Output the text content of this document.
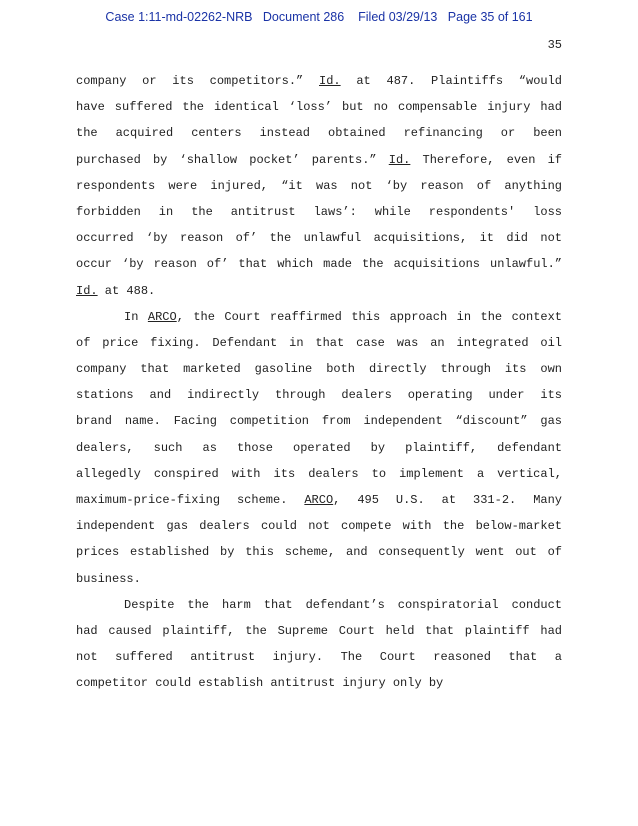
Case 1:11-md-02262-NRB Document 286 Filed 03/29/13 Page 35 of 161
35
company or its competitors.” Id. at 487. Plaintiffs “would
have suffered the identical ‘loss’ but no compensable injury had
the acquired centers instead obtained refinancing or been
purchased by ‘shallow pocket’ parents.” Id. Therefore, even if
respondents were injured, “it was not ‘by reason of anything
forbidden in the antitrust laws’: while respondents' loss
occurred ‘by reason of’ the unlawful acquisitions, it did not
occur ‘by reason of’ that which made the acquisitions unlawful.”
Id. at 488.
In ARCO, the Court reaffirmed this approach in the context
of price fixing. Defendant in that case was an integrated oil
company that marketed gasoline both directly through its own
stations and indirectly through dealers operating under its
brand name. Facing competition from independent “discount” gas
dealers, such as those operated by plaintiff, defendant
allegedly conspired with its dealers to implement a vertical,
maximum-price-fixing scheme. ARCO, 495 U.S. at 331-2. Many
independent gas dealers could not compete with the below-market
prices established by this scheme, and consequently went out of
business.
Despite the harm that defendant’s conspiratorial conduct
had caused plaintiff, the Supreme Court held that plaintiff had
not suffered antitrust injury. The Court reasoned that a
competitor could establish antitrust injury only by
